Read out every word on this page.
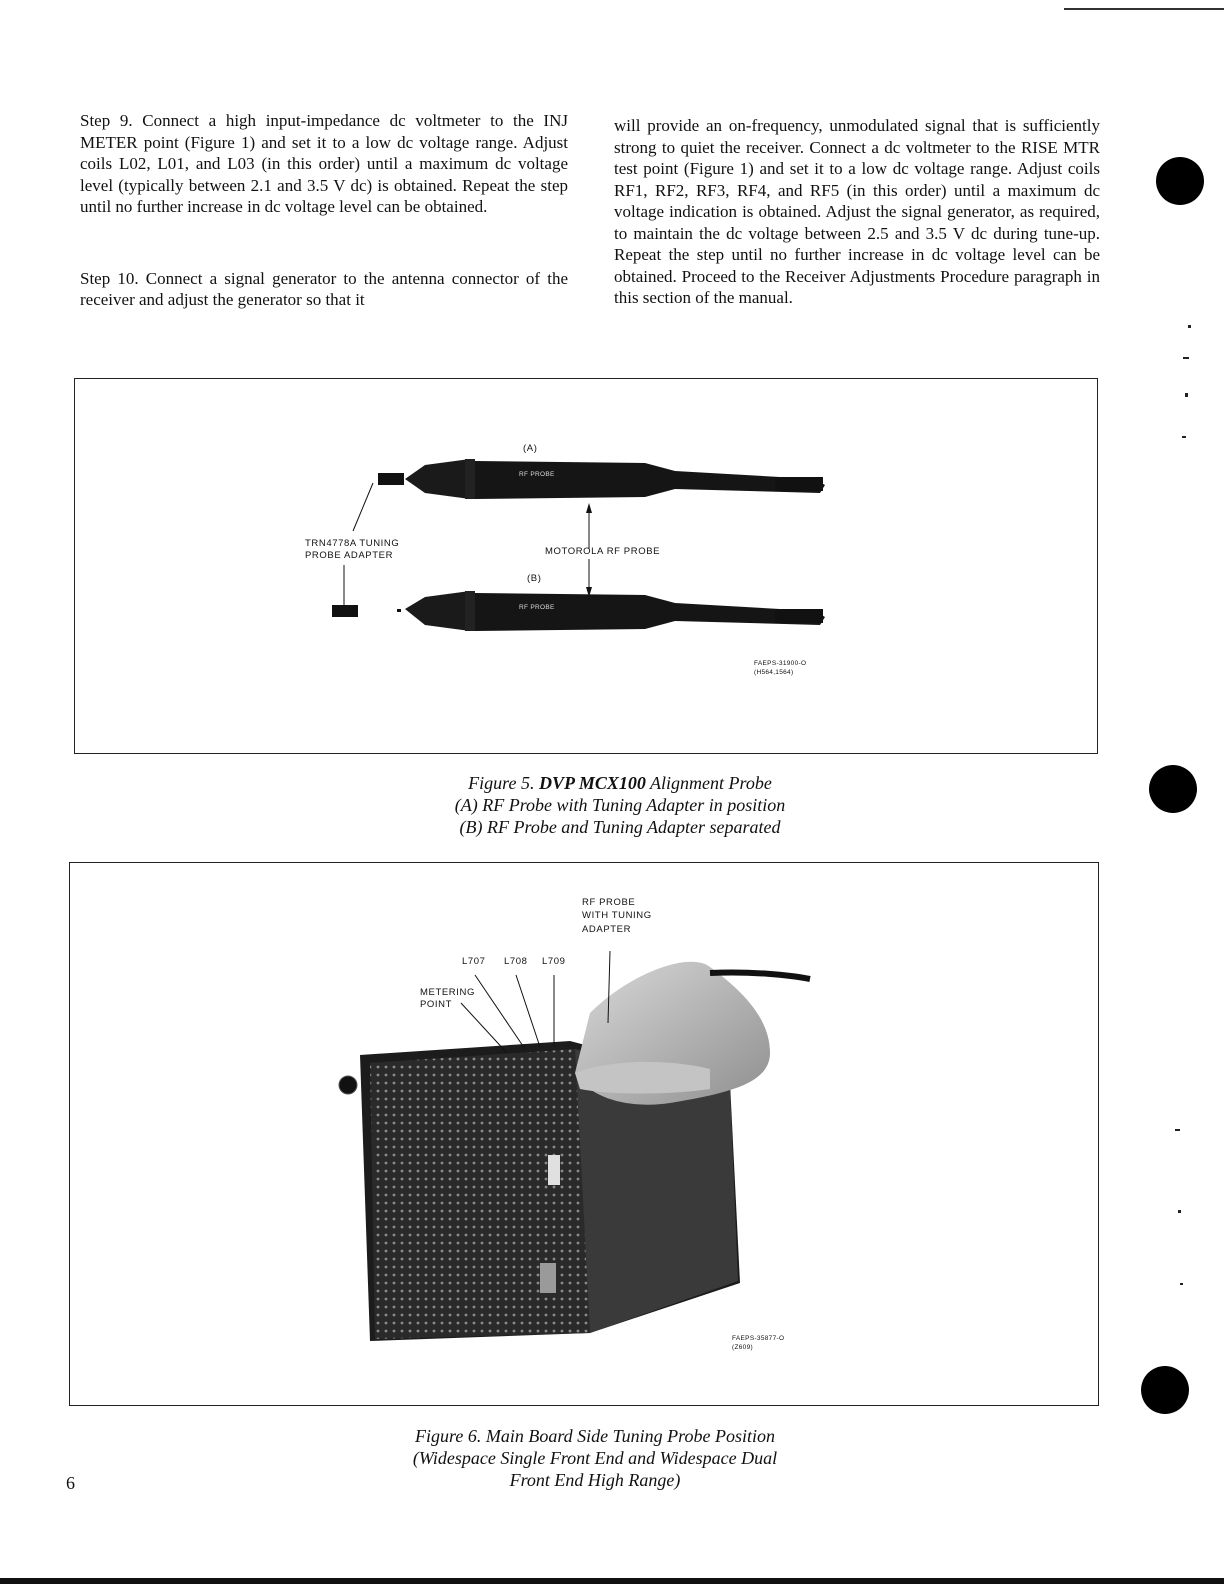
Step 9. Connect a high input-impedance dc voltmeter to the INJ METER point (Figure 1) and set it to a low dc voltage range. Adjust coils L02, L01, and L03 (in this order) until a maximum dc voltage level (typically between 2.1 and 3.5 V dc) is obtained. Repeat the step until no further increase in dc voltage level can be obtained.

Step 10. Connect a signal generator to the antenna connector of the receiver and adjust the generator so that it

will provide an on-frequency, unmodulated signal that is sufficiently strong to quiet the receiver. Connect a dc voltmeter to the RISE MTR test point (Figure 1) and set it to a low dc voltage range. Adjust coils RF1, RF2, RF3, RF4, and RF5 (in this order) until a maximum dc voltage indication is obtained. Adjust the signal generator, as required, to maintain the dc voltage between 2.5 and 3.5 V dc during tune-up. Repeat the step until no further increase in dc voltage level can be obtained. Proceed to the Receiver Adjustments Procedure paragraph in this section of the manual.

(A)
RF PROBE
RF PROBE
TRN4778A TUNING
PROBE ADAPTER	MOTOROLA RF PROBE
(B)
FAEPS-31900-O
(H564,1564)
Figure 5. DVP MCX100 Alignment Probe
(A) RF Probe with Tuning Adapter in position
(B) RF Probe and Tuning Adapter separated
RF PROBE
WITH TUNING
ADAPTER
L707 L708 L709
METERING
POINT
FAEPS-35877-O
(Z609)
Figure 6. Main Board Side Tuning Probe Position
(Widespace Single Front End and Widespace Dual
Front End High Range)
6
